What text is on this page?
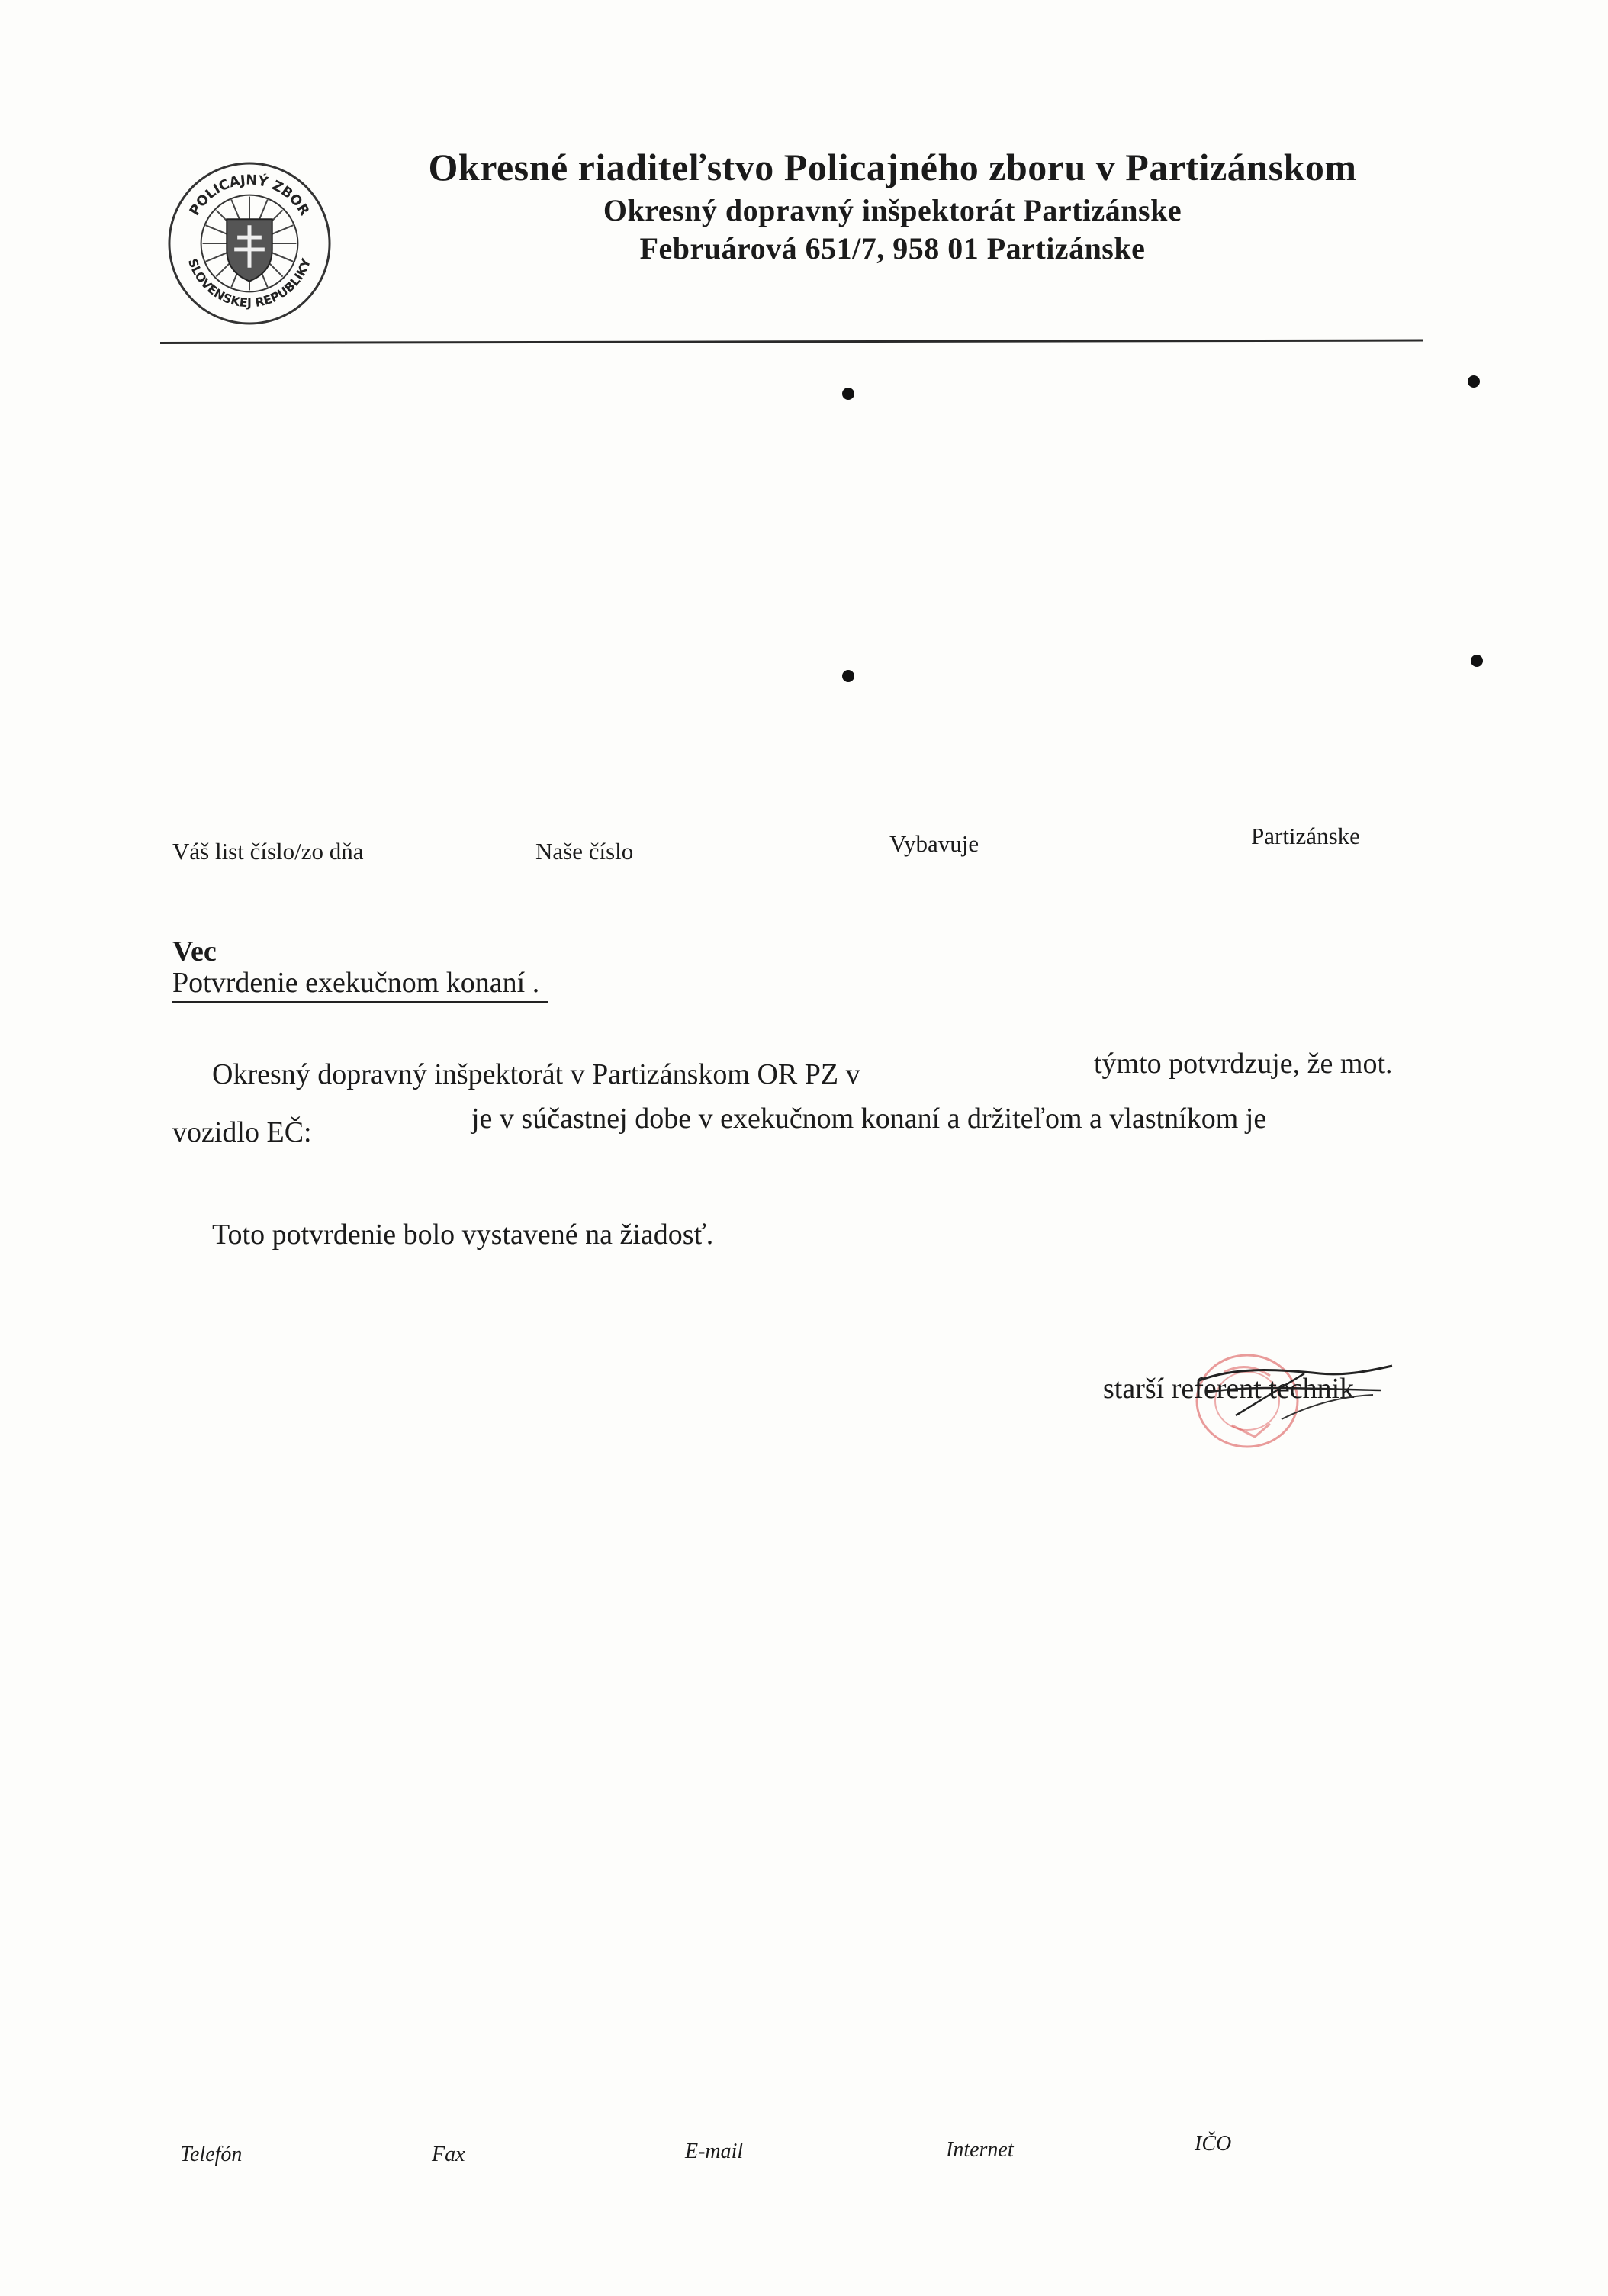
POLICAJNÝ ZBOR
SLOVENSKEJ REPUBLIKY
Okresné riaditeľstvo Policajného zboru v Partizánskom
Okresný dopravný inšpektorát Partizánske
Februárová 651/7, 958 01 Partizánske
Váš list číslo/zo dňa	Naše číslo	Vybavuje	Partizánske
Vec
Potvrdenie exekučnom konaní .
Okresný dopravný inšpektorát v Partizánskom OR PZ v	týmto potvrdzuje, že mot.
vozidlo EČ:	je v súčastnej dobe v exekučnom konaní a držiteľom a vlastníkom je
Toto potvrdenie bolo vystavené na žiadosť.
starší referent technik
Telefón	Fax	E-mail	Internet	IČO
